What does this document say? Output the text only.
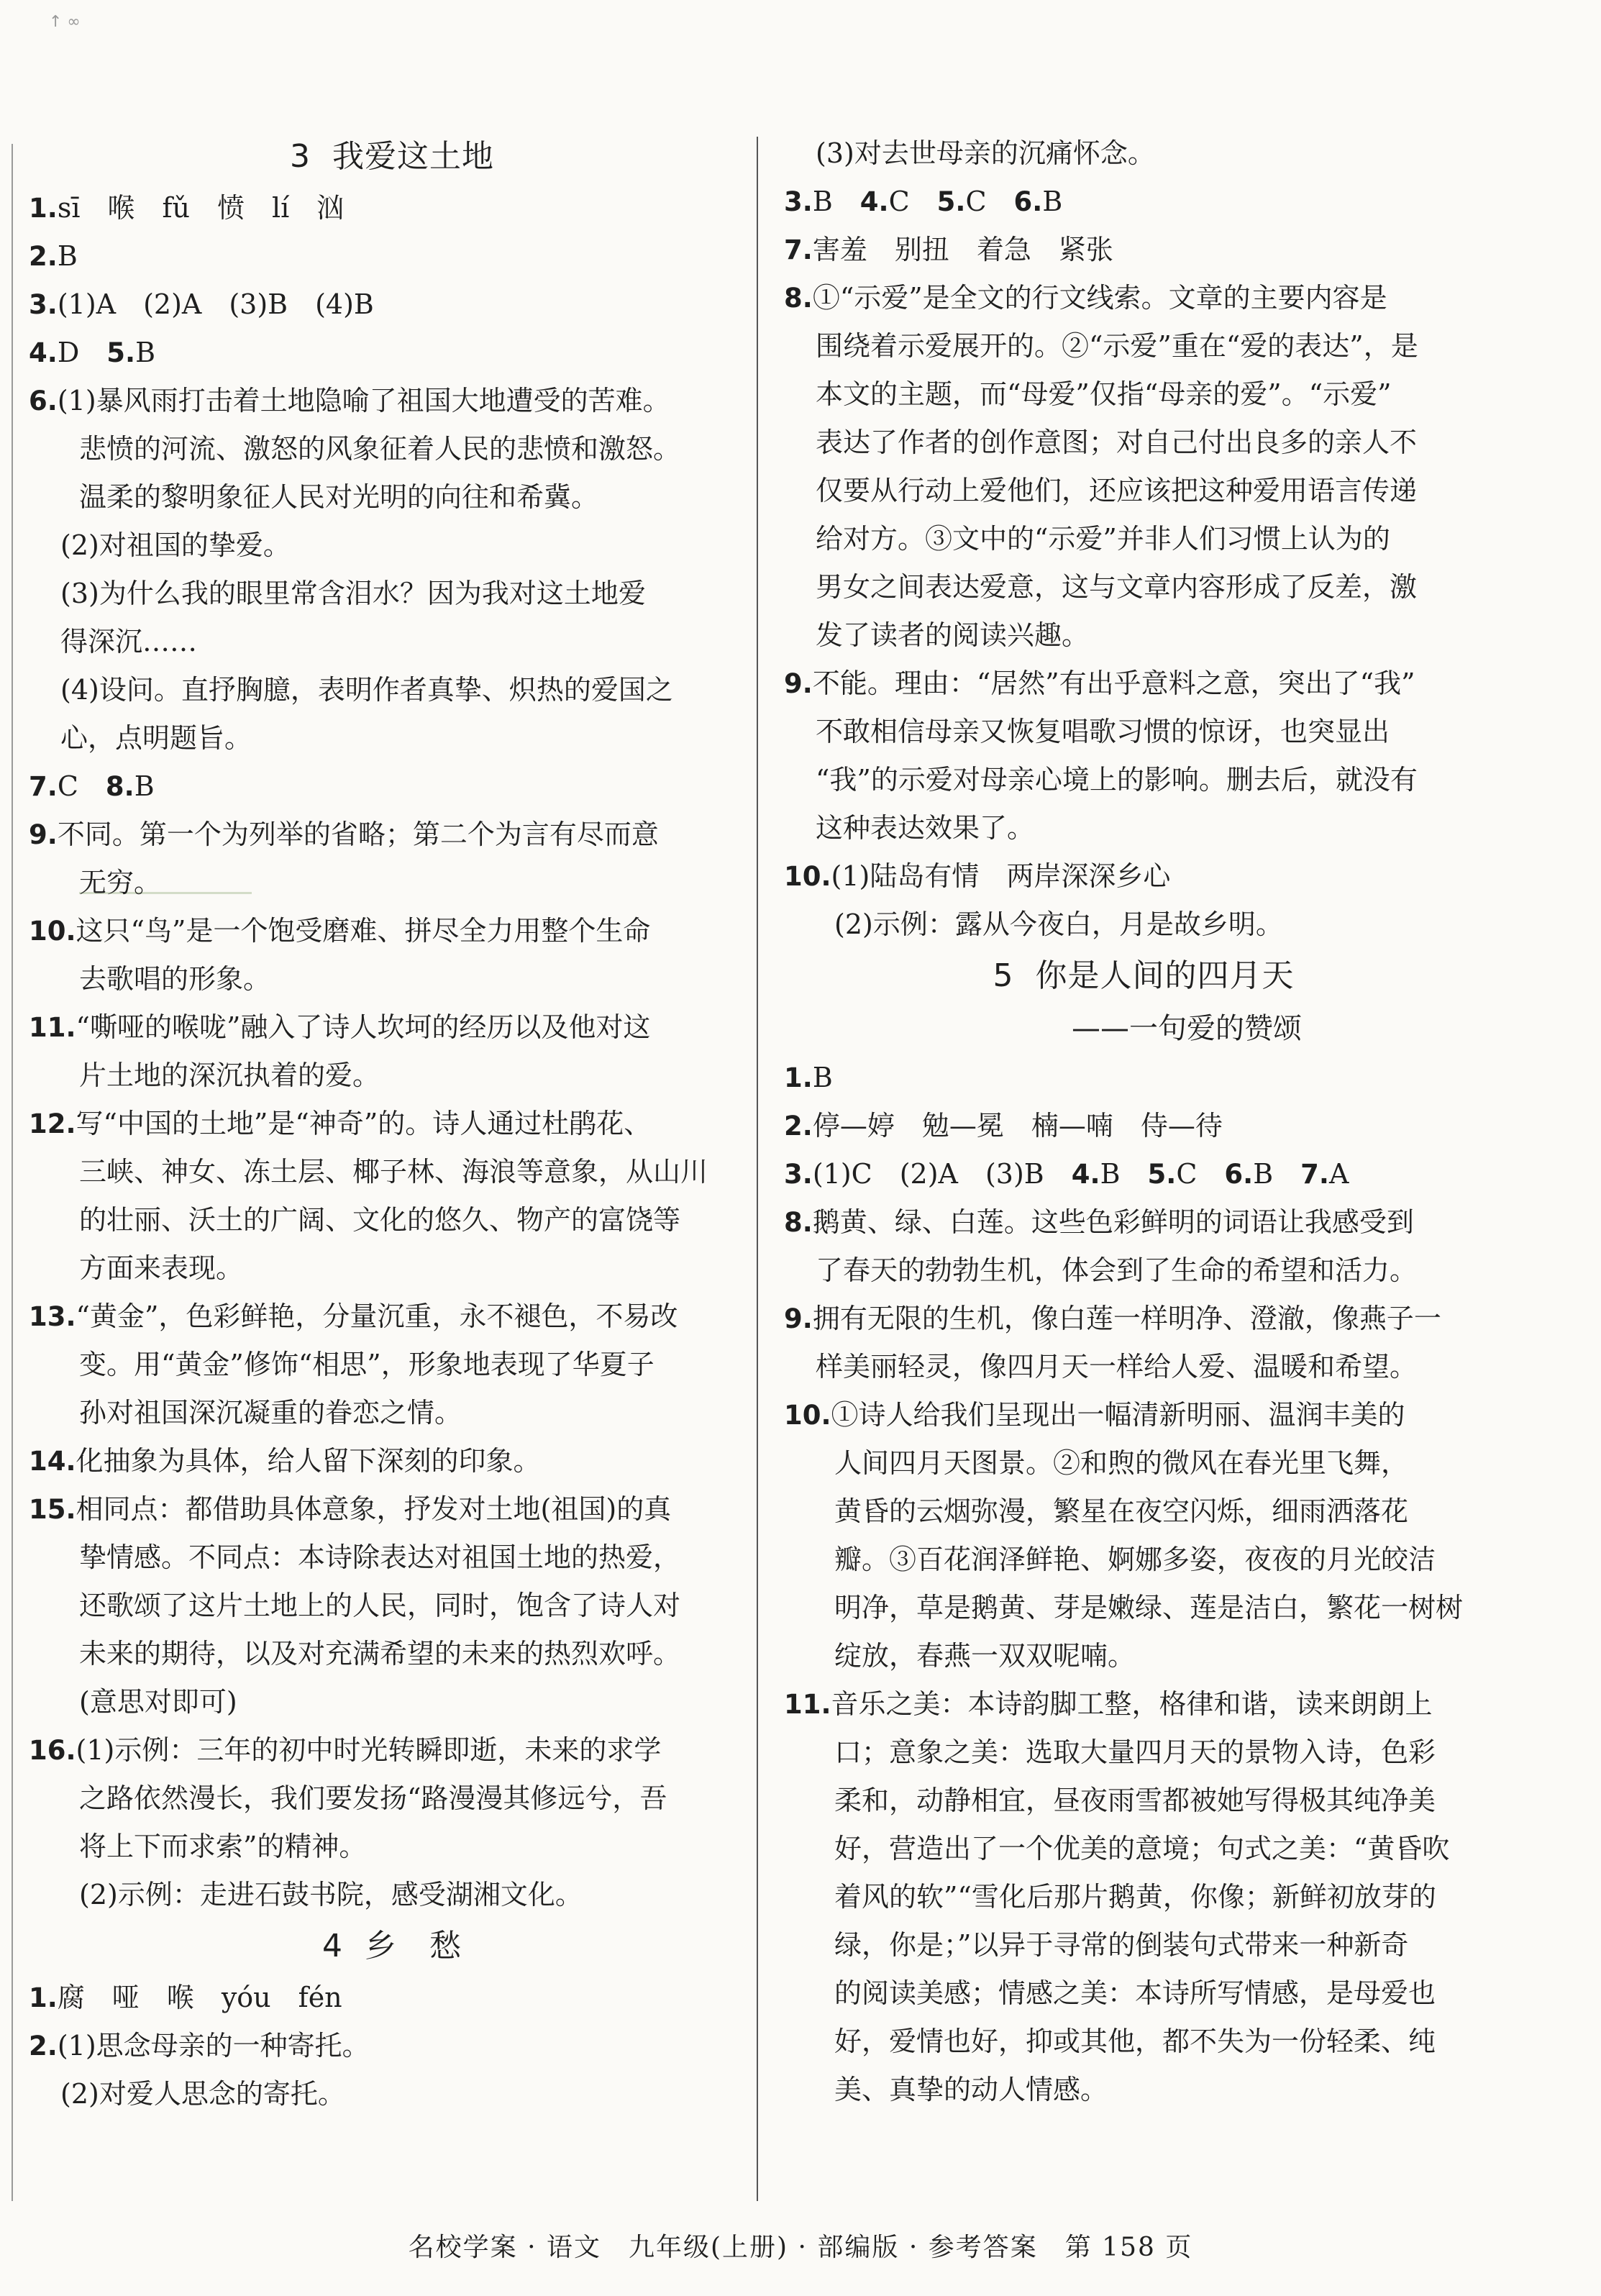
↑ ∞
3 我爱这土地
1.sī　喉　fǔ　愤　lí　汹
2.B
3.(1)A　(2)A　(3)B　(4)B
4.D　5.B
6.(1)暴风雨打击着土地隐喻了祖国大地遭受的苦难。
悲愤的河流、激怒的风象征着人民的悲愤和激怒。
温柔的黎明象征人民对光明的向往和希冀。
(2)对祖国的挚爱。
(3)为什么我的眼里常含泪水？因为我对这土地爱
得深沉……
(4)设问。直抒胸臆，表明作者真挚、炽热的爱国之
心，点明题旨。
7.C　8.B
9.不同。第一个为列举的省略；第二个为言有尽而意
无穷。
10.这只“鸟”是一个饱受磨难、拼尽全力用整个生命
去歌唱的形象。
11.“嘶哑的喉咙”融入了诗人坎坷的经历以及他对这
片土地的深沉执着的爱。
12.写“中国的土地”是“神奇”的。诗人通过杜鹃花、
三峡、神女、冻土层、椰子林、海浪等意象，从山川
的壮丽、沃土的广阔、文化的悠久、物产的富饶等
方面来表现。
13.“黄金”，色彩鲜艳，分量沉重，永不褪色，不易改
变。用“黄金”修饰“相思”，形象地表现了华夏子
孙对祖国深沉凝重的眷恋之情。
14.化抽象为具体，给人留下深刻的印象。
15.相同点：都借助具体意象，抒发对土地(祖国)的真
挚情感。不同点：本诗除表达对祖国土地的热爱，
还歌颂了这片土地上的人民，同时，饱含了诗人对
未来的期待，以及对充满希望的未来的热烈欢呼。
(意思对即可)
16.(1)示例：三年的初中时光转瞬即逝，未来的求学
之路依然漫长，我们要发扬“路漫漫其修远兮，吾
将上下而求索”的精神。
(2)示例：走进石鼓书院，感受湖湘文化。
4 乡　愁
1.腐　哑　喉　yóu　fén
2.(1)思念母亲的一种寄托。
(2)对爱人思念的寄托。
(3)对去世母亲的沉痛怀念。
3.B　4.C　5.C　6.B
7.害羞　别扭　着急　紧张
8.①“示爱”是全文的行文线索。文章的主要内容是
围绕着示爱展开的。②“示爱”重在“爱的表达”，是
本文的主题，而“母爱”仅指“母亲的爱”。“示爱”
表达了作者的创作意图；对自己付出良多的亲人不
仅要从行动上爱他们，还应该把这种爱用语言传递
给对方。③文中的“示爱”并非人们习惯上认为的
男女之间表达爱意，这与文章内容形成了反差，激
发了读者的阅读兴趣。
9.不能。理由：“居然”有出乎意料之意，突出了“我”
不敢相信母亲又恢复唱歌习惯的惊讶，也突显出
“我”的示爱对母亲心境上的影响。删去后，就没有
这种表达效果了。
10.(1)陆岛有情　两岸深深乡心
(2)示例：露从今夜白，月是故乡明。
5 你是人间的四月天
——一句爱的赞颂
1.B
2.停—婷　勉—冕　楠—喃　侍—待
3.(1)C　(2)A　(3)B　4.B　5.C　6.B　7.A
8.鹅黄、绿、白莲。这些色彩鲜明的词语让我感受到
了春天的勃勃生机，体会到了生命的希望和活力。
9.拥有无限的生机，像白莲一样明净、澄澈，像燕子一
样美丽轻灵，像四月天一样给人爱、温暖和希望。
10.①诗人给我们呈现出一幅清新明丽、温润丰美的
人间四月天图景。②和煦的微风在春光里飞舞，
黄昏的云烟弥漫，繁星在夜空闪烁，细雨洒落花
瓣。③百花润泽鲜艳、婀娜多姿，夜夜的月光皎洁
明净，草是鹅黄、芽是嫩绿、莲是洁白，繁花一树树
绽放，春燕一双双呢喃。
11.音乐之美：本诗韵脚工整，格律和谐，读来朗朗上
口；意象之美：选取大量四月天的景物入诗，色彩
柔和，动静相宜，昼夜雨雪都被她写得极其纯净美
好，营造出了一个优美的意境；句式之美：“黄昏吹
着风的软”“雪化后那片鹅黄，你像；新鲜初放芽的
绿，你是；”以异于寻常的倒装句式带来一种新奇
的阅读美感；情感之美：本诗所写情感，是母爱也
好，爱情也好，抑或其他，都不失为一份轻柔、纯
美、真挚的动人情感。
名校学案 · 语文　九年级(上册) · 部编版 · 参考答案　第 158 页
